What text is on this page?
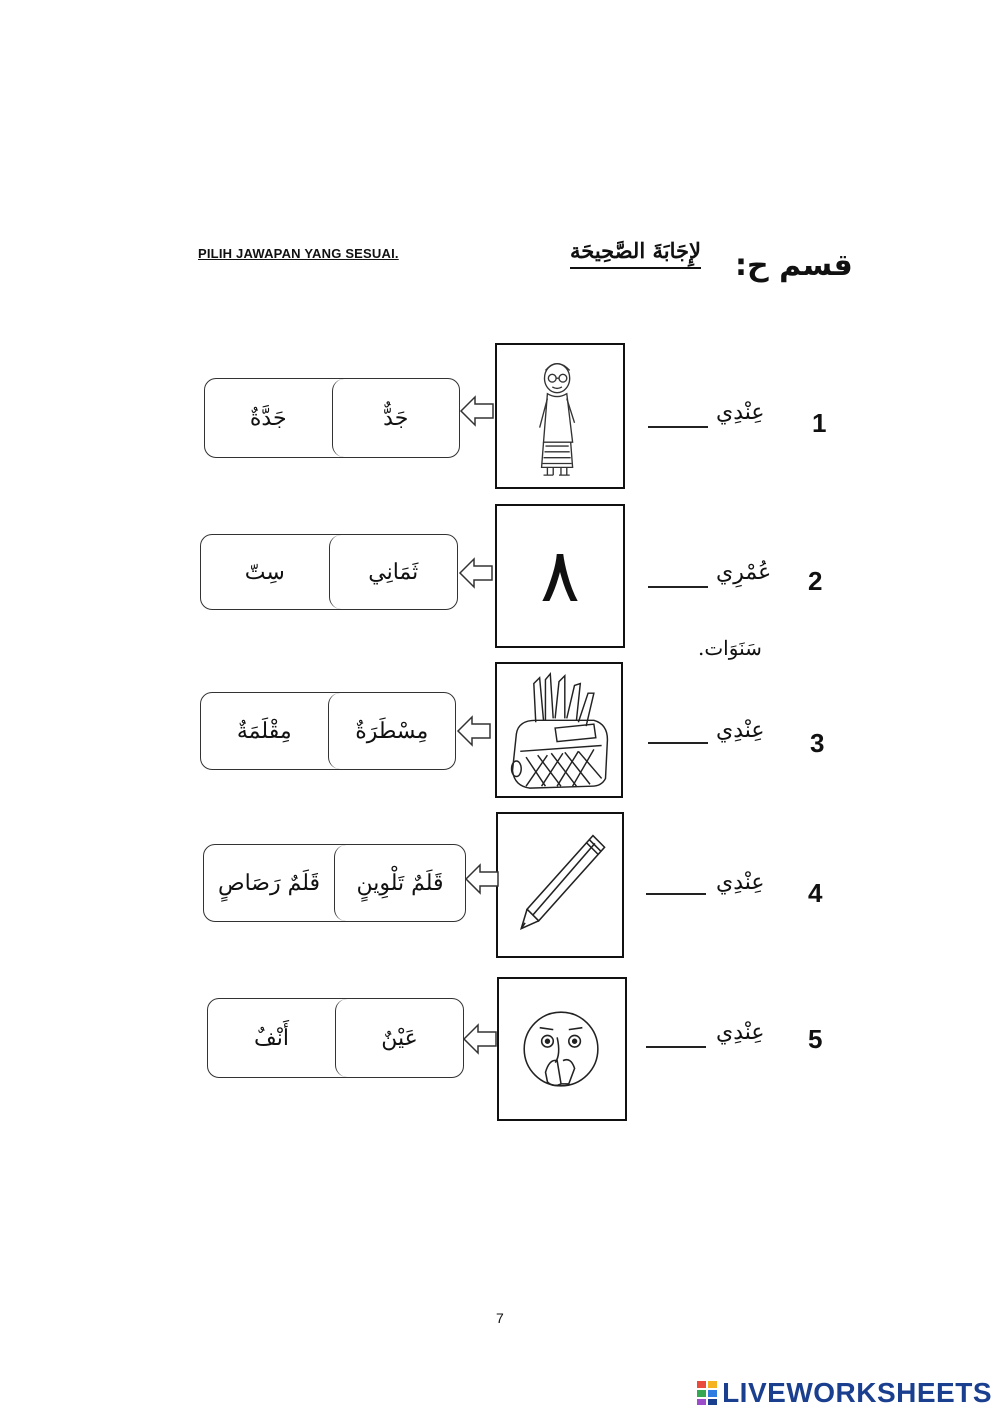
PILIH JAWAPAN YANG SESUAI.	لإِجَابَةَ الصَّحِيحَة قسم ح:
1
عِنْدِي
جَدٌّ
جَدَّةٌ
2
عُمْرِي
سَنَوَات.
٨
ثَمَانِي
سِتّ
3
عِنْدِي
مِسْطَرَةٌ
مِقْلَمَةٌ
4
عِنْدِي
قَلَمٌ تَلْوِينٍ
قَلَمٌ رَصَاصٍ
5
عِنْدِي
عَيْنٌ
أَنْفٌ
7
LIVEWORKSHEETS
